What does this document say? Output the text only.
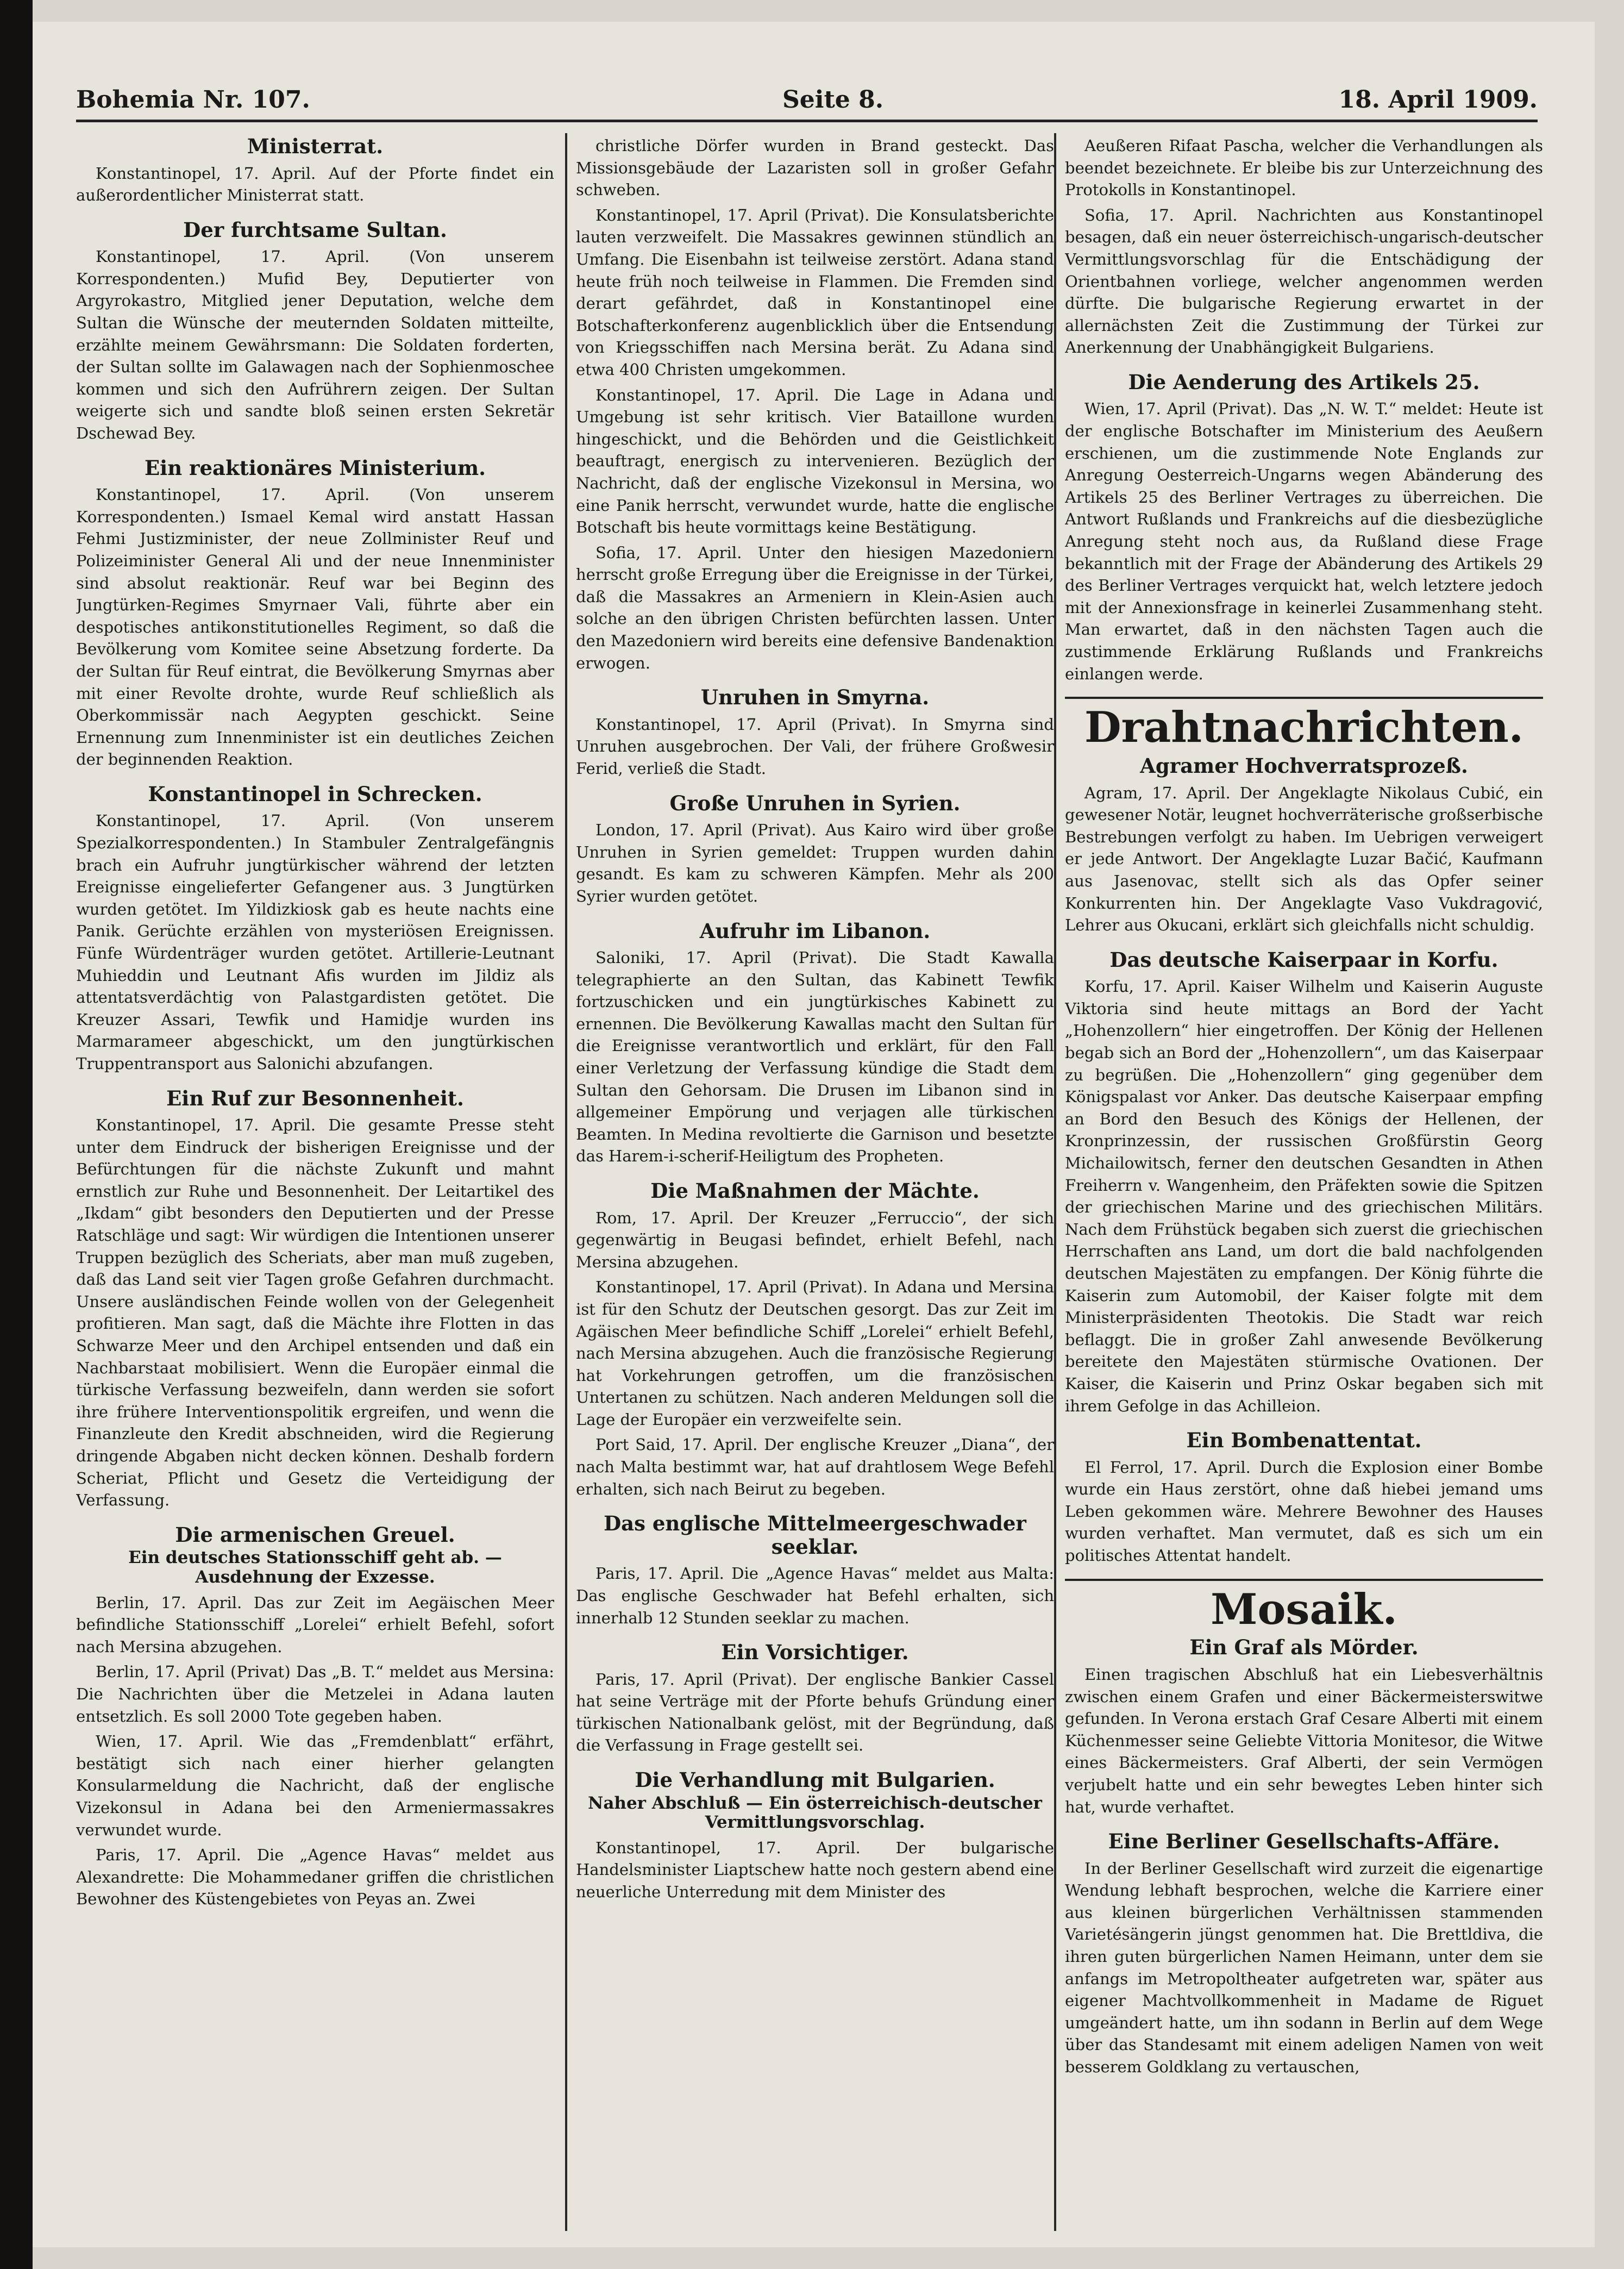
Bohemia Nr. 107.	Seite 8.	18. April 1909.
Ministerrat.

Konstantinopel, 17. April. Auf der Pforte findet ein außerordentlicher Ministerrat statt.

Der furchtsame Sultan.

Konstantinopel, 17. April. (Von unserem Korrespondenten.) Mufid Bey, Deputierter von Argyrokastro, Mitglied jener Deputation, welche dem Sultan die Wünsche der meuternden Soldaten mitteilte, erzählte meinem Gewährsmann: Die Soldaten forderten, der Sultan sollte im Galawagen nach der Sophienmoschee kommen und sich den Aufrührern zeigen. Der Sultan weigerte sich und sandte bloß seinen ersten Sekretär Dschewad Bey.

Ein reaktionäres Ministerium.

Konstantinopel, 17. April. (Von unserem Korrespondenten.) Ismael Kemal wird anstatt Hassan Fehmi Justizminister, der neue Zollminister Reuf und Polizeiminister General Ali und der neue Innenminister sind absolut reaktionär. Reuf war bei Beginn des Jungtürken-Regimes Smyrnaer Vali, führte aber ein despotisches antikonstitutionelles Regiment, so daß die Bevölkerung vom Komitee seine Absetzung forderte. Da der Sultan für Reuf eintrat, die Bevölkerung Smyrnas aber mit einer Revolte drohte, wurde Reuf schließlich als Oberkommissär nach Aegypten geschickt. Seine Ernennung zum Innenminister ist ein deutliches Zeichen der beginnenden Reaktion.

Konstantinopel in Schrecken.

Konstantinopel, 17. April. (Von unserem Spezialkorrespondenten.) In Stambuler Zentralgefängnis brach ein Aufruhr jungtürkischer während der letzten Ereignisse eingelieferter Gefangener aus. 3 Jungtürken wurden getötet. Im Yildizkiosk gab es heute nachts eine Panik. Gerüchte erzählen von mysteriösen Ereignissen. Fünfe Würdenträger wurden getötet. Artillerie-Leutnant Muhieddin und Leutnant Afis wurden im Jildiz als attentatsverdächtig von Palastgardisten getötet. Die Kreuzer Assari, Tewfik und Hamidje wurden ins Marmarameer abgeschickt, um den jungtürkischen Truppentransport aus Salonichi abzufangen.

Ein Ruf zur Besonnenheit.

Konstantinopel, 17. April. Die gesamte Presse steht unter dem Eindruck der bisherigen Ereignisse und der Befürchtungen für die nächste Zukunft und mahnt ernstlich zur Ruhe und Besonnenheit. Der Leitartikel des „Ikdam“ gibt besonders den Deputierten und der Presse Ratschläge und sagt: Wir würdigen die Intentionen unserer Truppen bezüglich des Scheriats, aber man muß zugeben, daß das Land seit vier Tagen große Gefahren durchmacht. Unsere ausländischen Feinde wollen von der Gelegenheit profitieren. Man sagt, daß die Mächte ihre Flotten in das Schwarze Meer und den Archipel entsenden und daß ein Nachbarstaat mobilisiert. Wenn die Europäer einmal die türkische Verfassung bezweifeln, dann werden sie sofort ihre frühere Interventionspolitik ergreifen, und wenn die Finanzleute den Kredit abschneiden, wird die Regierung dringende Abgaben nicht decken können. Deshalb fordern Scheriat, Pflicht und Gesetz die Verteidigung der Verfassung.

Die armenischen Greuel.
Ein deutsches Stationsschiff geht ab. — Ausdehnung der Exzesse.

Berlin, 17. April. Das zur Zeit im Aegäischen Meer befindliche Stationsschiff „Lorelei“ erhielt Befehl, sofort nach Mersina abzugehen.

Berlin, 17. April (Privat) Das „B. T.“ meldet aus Mersina: Die Nachrichten über die Metzelei in Adana lauten entsetzlich. Es soll 2000 Tote gegeben haben.

Wien, 17. April. Wie das „Fremdenblatt“ erfährt, bestätigt sich nach einer hierher gelangten Konsularmeldung die Nachricht, daß der englische Vizekonsul in Adana bei den Armeniermassakres verwundet wurde.

Paris, 17. April. Die „Agence Havas“ meldet aus Alexandrette: Die Mohammedaner griffen die christlichen Bewohner des Küstengebietes von Peyas an. Zwei

christliche Dörfer wurden in Brand gesteckt. Das Missionsgebäude der Lazaristen soll in großer Gefahr schweben.

Konstantinopel, 17. April (Privat). Die Konsulatsberichte lauten verzweifelt. Die Massakres gewinnen stündlich an Umfang. Die Eisenbahn ist teilweise zerstört. Adana stand heute früh noch teilweise in Flammen. Die Fremden sind derart gefährdet, daß in Konstantinopel eine Botschafterkonferenz augenblicklich über die Entsendung von Kriegsschiffen nach Mersina berät. Zu Adana sind etwa 400 Christen umgekommen.

Konstantinopel, 17. April. Die Lage in Adana und Umgebung ist sehr kritisch. Vier Bataillone wurden hingeschickt, und die Behörden und die Geistlichkeit beauftragt, energisch zu intervenieren. Bezüglich der Nachricht, daß der englische Vizekonsul in Mersina, wo eine Panik herrscht, verwundet wurde, hatte die englische Botschaft bis heute vormittags keine Bestätigung.

Sofia, 17. April. Unter den hiesigen Mazedoniern herrscht große Erregung über die Ereignisse in der Türkei, daß die Massakres an Armeniern in Klein-Asien auch solche an den übrigen Christen befürchten lassen. Unter den Mazedoniern wird bereits eine defensive Bandenaktion erwogen.

Unruhen in Smyrna.

Konstantinopel, 17. April (Privat). In Smyrna sind Unruhen ausgebrochen. Der Vali, der frühere Großwesir Ferid, verließ die Stadt.

Große Unruhen in Syrien.

London, 17. April (Privat). Aus Kairo wird über große Unruhen in Syrien gemeldet: Truppen wurden dahin gesandt. Es kam zu schweren Kämpfen. Mehr als 200 Syrier wurden getötet.

Aufruhr im Libanon.

Saloniki, 17. April (Privat). Die Stadt Kawalla telegraphierte an den Sultan, das Kabinett Tewfik fortzuschicken und ein jungtürkisches Kabinett zu ernennen. Die Bevölkerung Kawallas macht den Sultan für die Ereignisse verantwortlich und erklärt, für den Fall einer Verletzung der Verfassung kündige die Stadt dem Sultan den Gehorsam. Die Drusen im Libanon sind in allgemeiner Empörung und verjagen alle türkischen Beamten. In Medina revoltierte die Garnison und besetzte das Harem-i-scherif-Heiligtum des Propheten.

Die Maßnahmen der Mächte.

Rom, 17. April. Der Kreuzer „Ferruccio“, der sich gegenwärtig in Beugasi befindet, erhielt Befehl, nach Mersina abzugehen.

Konstantinopel, 17. April (Privat). In Adana und Mersina ist für den Schutz der Deutschen gesorgt. Das zur Zeit im Agäischen Meer befindliche Schiff „Lorelei“ erhielt Befehl, nach Mersina abzugehen. Auch die französische Regierung hat Vorkehrungen getroffen, um die französischen Untertanen zu schützen. Nach anderen Meldungen soll die Lage der Europäer ein verzweifelte sein.

Port Said, 17. April. Der englische Kreuzer „Diana“, der nach Malta bestimmt war, hat auf drahtlosem Wege Befehl erhalten, sich nach Beirut zu begeben.

Das englische Mittelmeergeschwader seeklar.

Paris, 17. April. Die „Agence Havas“ meldet aus Malta: Das englische Geschwader hat Befehl erhalten, sich innerhalb 12 Stunden seeklar zu machen.

Ein Vorsichtiger.

Paris, 17. April (Privat). Der englische Bankier Cassel hat seine Verträge mit der Pforte behufs Gründung einer türkischen Nationalbank gelöst, mit der Begründung, daß die Verfassung in Frage gestellt sei.

Die Verhandlung mit Bulgarien.
Naher Abschluß — Ein österreichisch-deutscher Vermittlungsvorschlag.

Konstantinopel, 17. April. Der bulgarische Handelsminister Liaptschew hatte noch gestern abend eine neuerliche Unterredung mit dem Minister des

Aeußeren Rifaat Pascha, welcher die Verhandlungen als beendet bezeichnete. Er bleibe bis zur Unterzeichnung des Protokolls in Konstantinopel.

Sofia, 17. April. Nachrichten aus Konstantinopel besagen, daß ein neuer österreichisch-ungarisch-deutscher Vermittlungsvorschlag für die Entschädigung der Orientbahnen vorliege, welcher angenommen werden dürfte. Die bulgarische Regierung erwartet in der allernächsten Zeit die Zustimmung der Türkei zur Anerkennung der Unabhängigkeit Bulgariens.

Die Aenderung des Artikels 25.

Wien, 17. April (Privat). Das „N. W. T.“ meldet: Heute ist der englische Botschafter im Ministerium des Aeußern erschienen, um die zustimmende Note Englands zur Anregung Oesterreich-Ungarns wegen Abänderung des Artikels 25 des Berliner Vertrages zu überreichen. Die Antwort Rußlands und Frankreichs auf die diesbezügliche Anregung steht noch aus, da Rußland diese Frage bekanntlich mit der Frage der Abänderung des Artikels 29 des Berliner Vertrages verquickt hat, welch letztere jedoch mit der Annexionsfrage in keinerlei Zusammenhang steht. Man erwartet, daß in den nächsten Tagen auch die zustimmende Erklärung Rußlands und Frankreichs einlangen werde.

Drahtnachrichten.
Agramer Hochverratsprozeß.

Agram, 17. April. Der Angeklagte Nikolaus Cubić, ein gewesener Notär, leugnet hochverräterische großserbische Bestrebungen verfolgt zu haben. Im Uebrigen verweigert er jede Antwort. Der Angeklagte Luzar Bačić, Kaufmann aus Jasenovac, stellt sich als das Opfer seiner Konkurrenten hin. Der Angeklagte Vaso Vukdragović, Lehrer aus Okucani, erklärt sich gleichfalls nicht schuldig.

Das deutsche Kaiserpaar in Korfu.

Korfu, 17. April. Kaiser Wilhelm und Kaiserin Auguste Viktoria sind heute mittags an Bord der Yacht „Hohenzollern“ hier eingetroffen. Der König der Hellenen begab sich an Bord der „Hohenzollern“, um das Kaiserpaar zu begrüßen. Die „Hohenzollern“ ging gegenüber dem Königspalast vor Anker. Das deutsche Kaiserpaar empfing an Bord den Besuch des Königs der Hellenen, der Kronprinzessin, der russischen Großfürstin Georg Michailowitsch, ferner den deutschen Gesandten in Athen Freiherrn v. Wangenheim, den Präfekten sowie die Spitzen der griechischen Marine und des griechischen Militärs. Nach dem Frühstück begaben sich zuerst die griechischen Herrschaften ans Land, um dort die bald nachfolgenden deutschen Majestäten zu empfangen. Der König führte die Kaiserin zum Automobil, der Kaiser folgte mit dem Ministerpräsidenten Theotokis. Die Stadt war reich beflaggt. Die in großer Zahl anwesende Bevölkerung bereitete den Majestäten stürmische Ovationen. Der Kaiser, die Kaiserin und Prinz Oskar begaben sich mit ihrem Gefolge in das Achilleion.

Ein Bombenattentat.

El Ferrol, 17. April. Durch die Explosion einer Bombe wurde ein Haus zerstört, ohne daß hiebei jemand ums Leben gekommen wäre. Mehrere Bewohner des Hauses wurden verhaftet. Man vermutet, daß es sich um ein politisches Attentat handelt.

Mosaik.
Ein Graf als Mörder.

Einen tragischen Abschluß hat ein Liebesverhältnis zwischen einem Grafen und einer Bäckermeisterswitwe gefunden. In Verona erstach Graf Cesare Alberti mit einem Küchenmesser seine Geliebte Vittoria Monitesor, die Witwe eines Bäckermeisters. Graf Alberti, der sein Vermögen verjubelt hatte und ein sehr bewegtes Leben hinter sich hat, wurde verhaftet.

Eine Berliner Gesellschafts-Affäre.

In der Berliner Gesellschaft wird zurzeit die eigenartige Wendung lebhaft besprochen, welche die Karriere einer aus kleinen bürgerlichen Verhältnissen stammenden Varietésängerin jüngst genommen hat. Die Brettldiva, die ihren guten bürgerlichen Namen Heimann, unter dem sie anfangs im Metropoltheater aufgetreten war, später aus eigener Machtvollkommenheit in Madame de Riguet umgeändert hatte, um ihn sodann in Berlin auf dem Wege über das Standesamt mit einem adeligen Namen von weit besserem Goldklang zu vertauschen,
